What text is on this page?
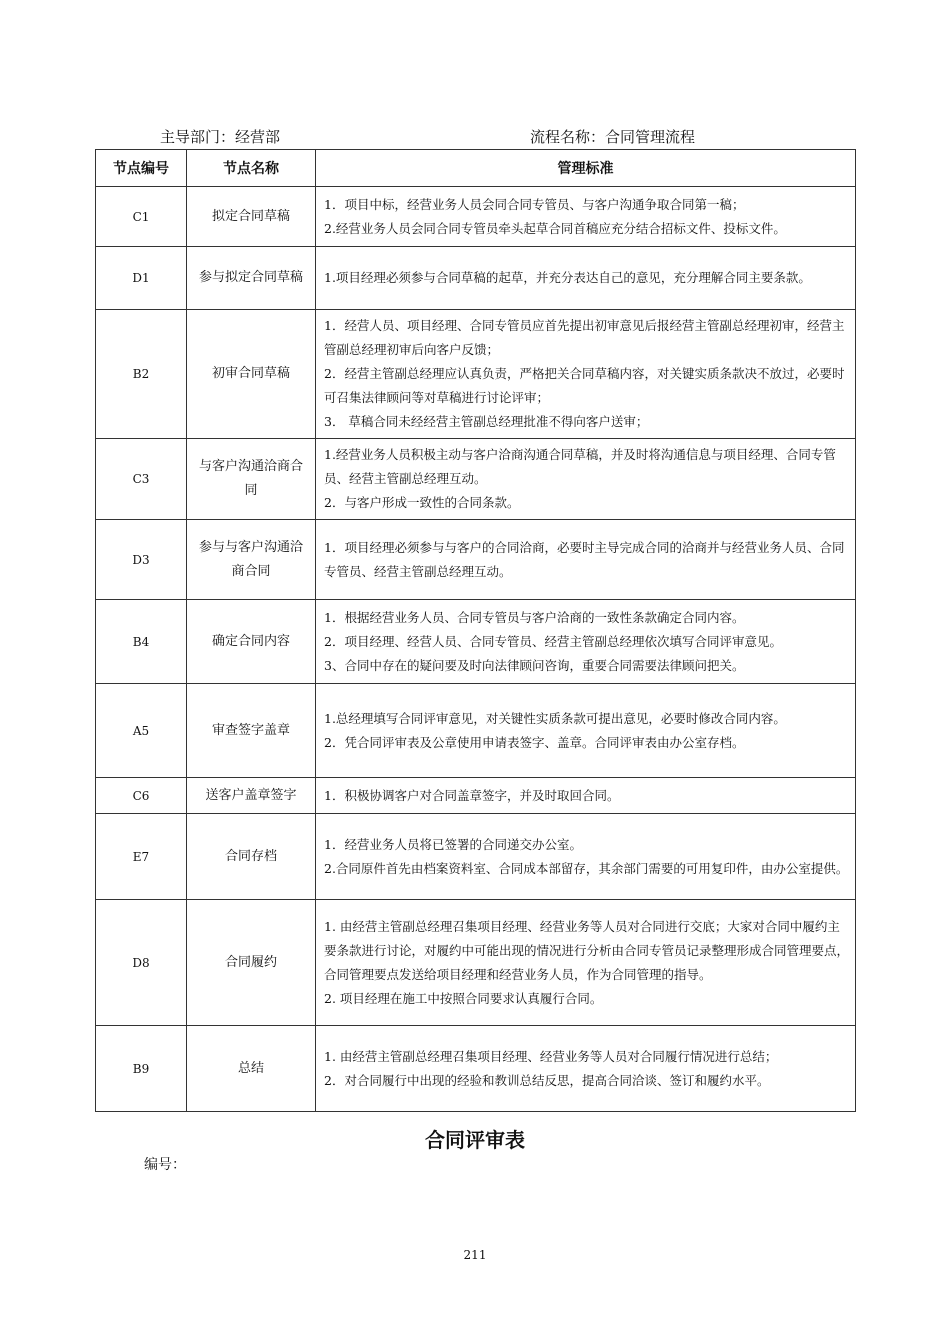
主导部门：经营部	流程名称：合同管理流程
节点编号	节点名称	管理标准
C1	拟定合同草稿	1．项目中标，经营业务人员会同合同专管员、与客户沟通争取合同第一稿；
2.经营业务人员会同合同专管员牵头起草合同首稿应充分结合招标文件、投标文件。

D1	参与拟定合同草稿	1.项目经理必须参与合同草稿的起草，并充分表达自己的意见，充分理解合同主要条款。

B2	初审合同草稿	1．经营人员、项目经理、合同专管员应首先提出初审意见后报经营主管副总经理初审，经营主管副总经理初审后向客户反馈；
2．经营主管副总经理应认真负责，严格把关合同草稿内容，对关键实质条款决不放过，必要时可召集法律顾问等对草稿进行讨论评审；
3． 草稿合同未经经营主管副总经理批准不得向客户送审；

C3	与客户沟通洽商合同	1.经营业务人员积极主动与客户洽商沟通合同草稿，并及时将沟通信息与项目经理、合同专管员、经营主管副总经理互动。
2．与客户形成一致性的合同条款。

D3	参与与客户沟通洽商合同	1．项目经理必须参与与客户的合同洽商，必要时主导完成合同的洽商并与经营业务人员、合同专管员、经营主管副总经理互动。

B4	确定合同内容	1．根据经营业务人员、合同专管员与客户洽商的一致性条款确定合同内容。
2．项目经理、经营人员、合同专管员、经营主管副总经理依次填写合同评审意见。
3、合同中存在的疑问要及时向法律顾问咨询，重要合同需要法律顾问把关。

A5	审查签字盖章	1.总经理填写合同评审意见，对关键性实质条款可提出意见，必要时修改合同内容。
2．凭合同评审表及公章使用申请表签字、盖章。合同评审表由办公室存档。

C6	送客户盖章签字	1．积极协调客户对合同盖章签字，并及时取回合同。

E7	合同存档	1．经营业务人员将已签署的合同递交办公室。
2.合同原件首先由档案资料室、合同成本部留存，其余部门需要的可用复印件，由办公室提供。

D8	合同履约	1. 由经营主管副总经理召集项目经理、经营业务等人员对合同进行交底；大家对合同中履约主要条款进行讨论，对履约中可能出现的情况进行分析由合同专管员记录整理形成合同管理要点，合同管理要点发送给项目经理和经营业务人员，作为合同管理的指导。
2. 项目经理在施工中按照合同要求认真履行合同。

B9	总结	1. 由经营主管副总经理召集项目经理、经营业务等人员对合同履行情况进行总结；
2．对合同履行中出现的经验和教训总结反思，提高合同洽谈、签订和履约水平。
合同评审表
编号：
211
